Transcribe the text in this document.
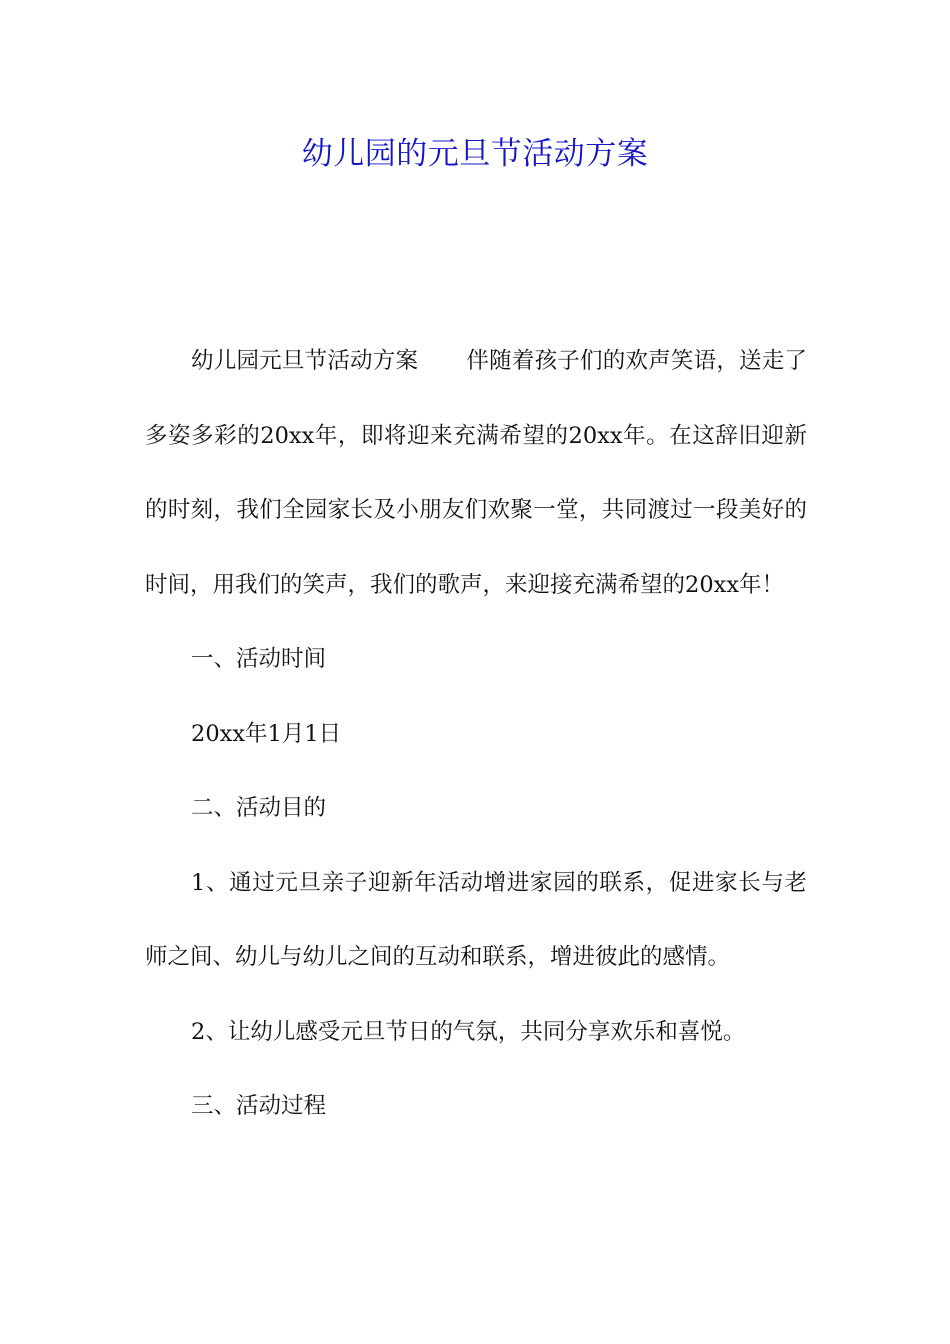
幼儿园的元旦节活动方案

幼儿园元旦节活动方案 伴随着孩子们的欢声笑语，送走了多姿多彩的20xx年，即将迎来充满希望的20xx年。在这辞旧迎新的时刻，我们全园家长及小朋友们欢聚一堂，共同渡过一段美好的时间，用我们的笑声，我们的歌声，来迎接充满希望的20xx年！

一、活动时间

20xx年1月1日

二、活动目的

1、通过元旦亲子迎新年活动增进家园的联系，促进家长与老师之间、幼儿与幼儿之间的互动和联系，增进彼此的感情。

2、让幼儿感受元旦节日的气氛，共同分享欢乐和喜悦。

三、活动过程
